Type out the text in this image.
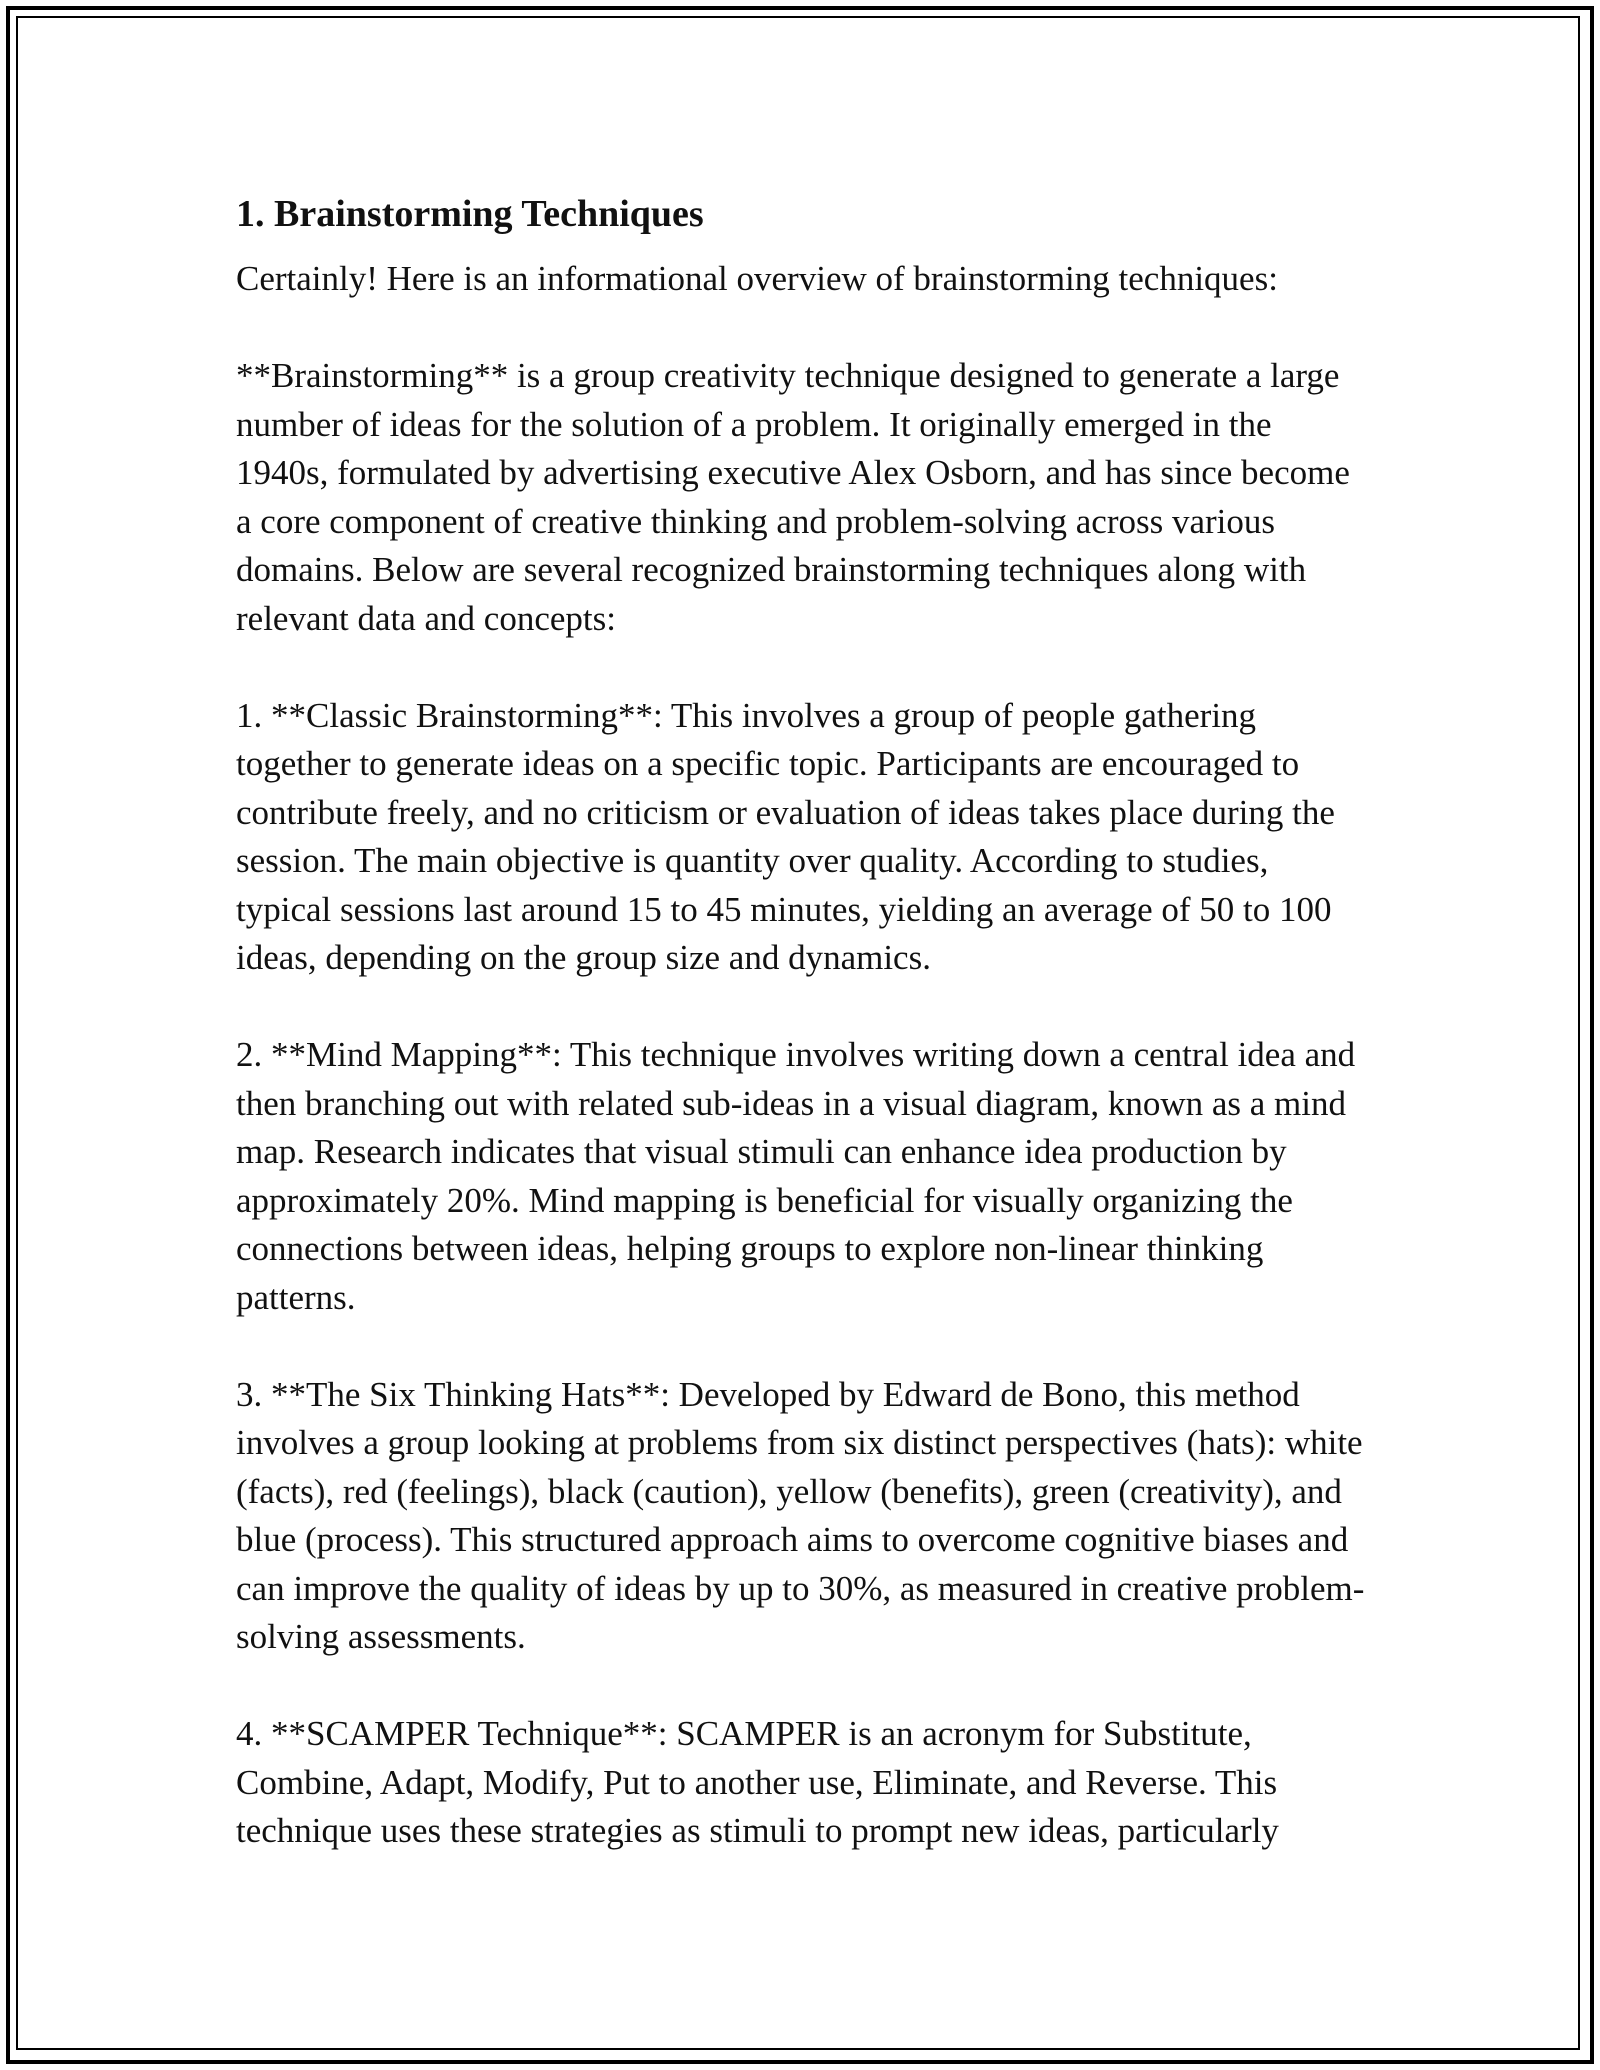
1. Brainstorming Techniques

Certainly! Here is an informational overview of brainstorming techniques:

**Brainstorming** is a group creativity technique designed to generate a large number of ideas for the solution of a problem. It originally emerged in the 1940s, formulated by advertising executive Alex Osborn, and has since become a core component of creative thinking and problem-solving across various domains. Below are several recognized brainstorming techniques along with relevant data and concepts:

1. **Classic Brainstorming**: This involves a group of people gathering together to generate ideas on a specific topic. Participants are encouraged to contribute freely, and no criticism or evaluation of ideas takes place during the session. The main objective is quantity over quality. According to studies, typical sessions last around 15 to 45 minutes, yielding an average of 50 to 100 ideas, depending on the group size and dynamics.

2. **Mind Mapping**: This technique involves writing down a central idea and then branching out with related sub-ideas in a visual diagram, known as a mind map. Research indicates that visual stimuli can enhance idea production by approximately 20%. Mind mapping is beneficial for visually organizing the connections between ideas, helping groups to explore non-linear thinking patterns.

3. **The Six Thinking Hats**: Developed by Edward de Bono, this method involves a group looking at problems from six distinct perspectives (hats): white (facts), red (feelings), black (caution), yellow (benefits), green (creativity), and blue (process). This structured approach aims to overcome cognitive biases and can improve the quality of ideas by up to 30%, as measured in creative problem-solving assessments.

4. **SCAMPER Technique**: SCAMPER is an acronym for Substitute, Combine, Adapt, Modify, Put to another use, Eliminate, and Reverse. This technique uses these strategies as stimuli to prompt new ideas, particularly
